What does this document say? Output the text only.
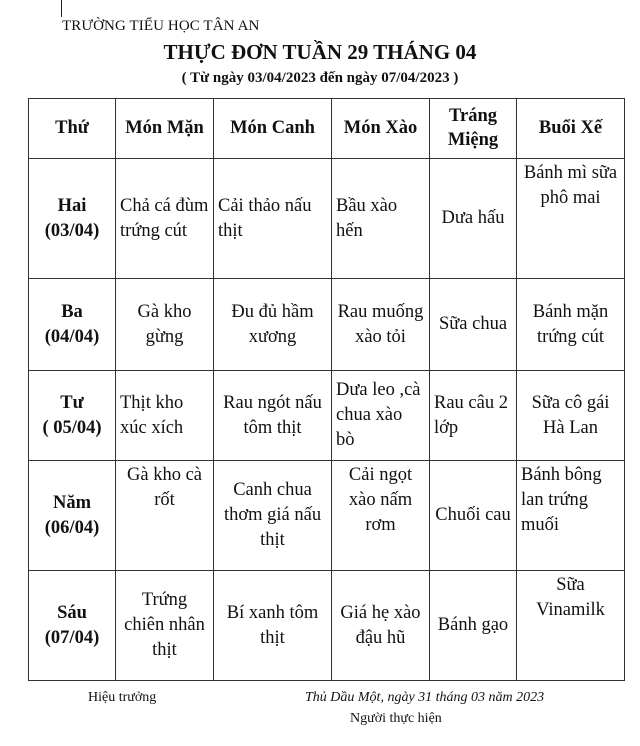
TRƯỜNG TIỂU HỌC TÂN AN
THỰC ĐƠN TUẦN 29 THÁNG 04
( Từ ngày 03/04/2023 đến ngày 07/04/2023 )
Thứ	Món Mặn	Món Canh	Món Xào	Tráng Miệng	Buổi Xế

Hai
(03/04)	Chả cá đùm trứng cút	Cải thảo nấu thịt	Bầu xào hến	Dưa hấu	Bánh mì sữa phô mai

Ba
(04/04)	Gà kho gừng	Đu đủ hầm xương	Rau muống xào tỏi	Sữa chua	Bánh mặn trứng cút

Tư
( 05/04)	Thịt kho xúc xích	Rau ngót nấu tôm thịt	Dưa leo ,cà chua xào bò	Rau câu 2 lớp	Sữa cô gái Hà Lan

Năm
(06/04)	Gà kho cà rốt	Canh chua thơm giá nấu thịt	Cải ngọt xào nấm rơm	Chuối cau	Bánh bông lan trứng muối

Sáu
(07/04)	Trứng chiên nhân thịt	Bí xanh tôm thịt	Giá hẹ xào đậu hũ	Bánh gạo	Sữa Vinamilk
Hiệu trưởng	Thủ Dầu Một, ngày 31 tháng 03 năm 2023
Người thực hiện
